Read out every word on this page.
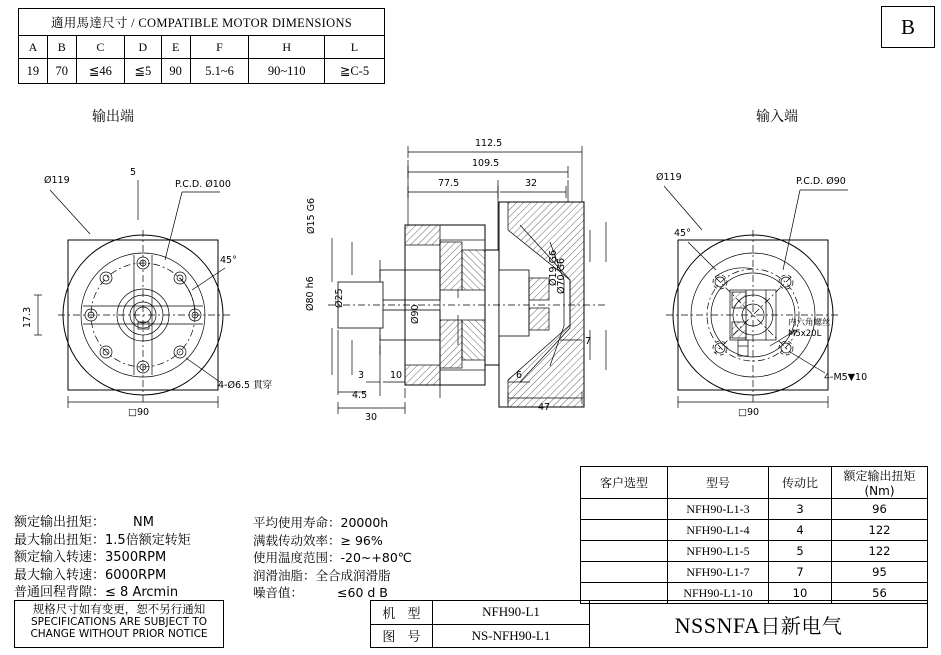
適用馬達尺寸 / COMPATIBLE MOTOR DIMENSIONS							
A	B	C	D	E	F	H	L
19	70	≦46	≦5	90	5.1~6	90~110	≧C-5
B
输出端	输入端
Ø119
5
P.C.D. Ø100
45°
17.3
4-Ø6.5 貫穿
□90
112.5
109.5
77.5	32
Ø15 G6
Ø80 h6 Ø25
Ø90
Ø19 G6
Ø70 G6
7
3
4.5
10
30
6
47
Ø119	P.C.D. Ø90
45°
内六角螺丝
M5x20L
4-M5▼10
□90
额定输出扭矩： NM
最大输出扭矩：1.5倍额定转矩
额定输入转速：3500RPM
最大输入转速：6000RPM
普通回程背隙：≤ 8 Arcmin
平均使用寿命：20000h
满载传动效率：≥ 96%
使用温度范围：-20~+80℃
润滑油脂：全合成润滑脂
噪音值：	≤60 d B
客户选型	型号	传动比	额定输出扭矩(Nm)
	NFH90-L1-3	3	96
	NFH90-L1-4	4	122
	NFH90-L1-5	5	122
	NFH90-L1-7	7	95
	NFH90-L1-10	10	56
规格尺寸如有变更，恕不另行通知
SPECIFICATIONS ARE SUBJECT TO
CHANGE WITHOUT PRIOR NOTICE
机 型	NFH90-L1
图 号	NS-NFH90-L1	NSSNFA日新电气
